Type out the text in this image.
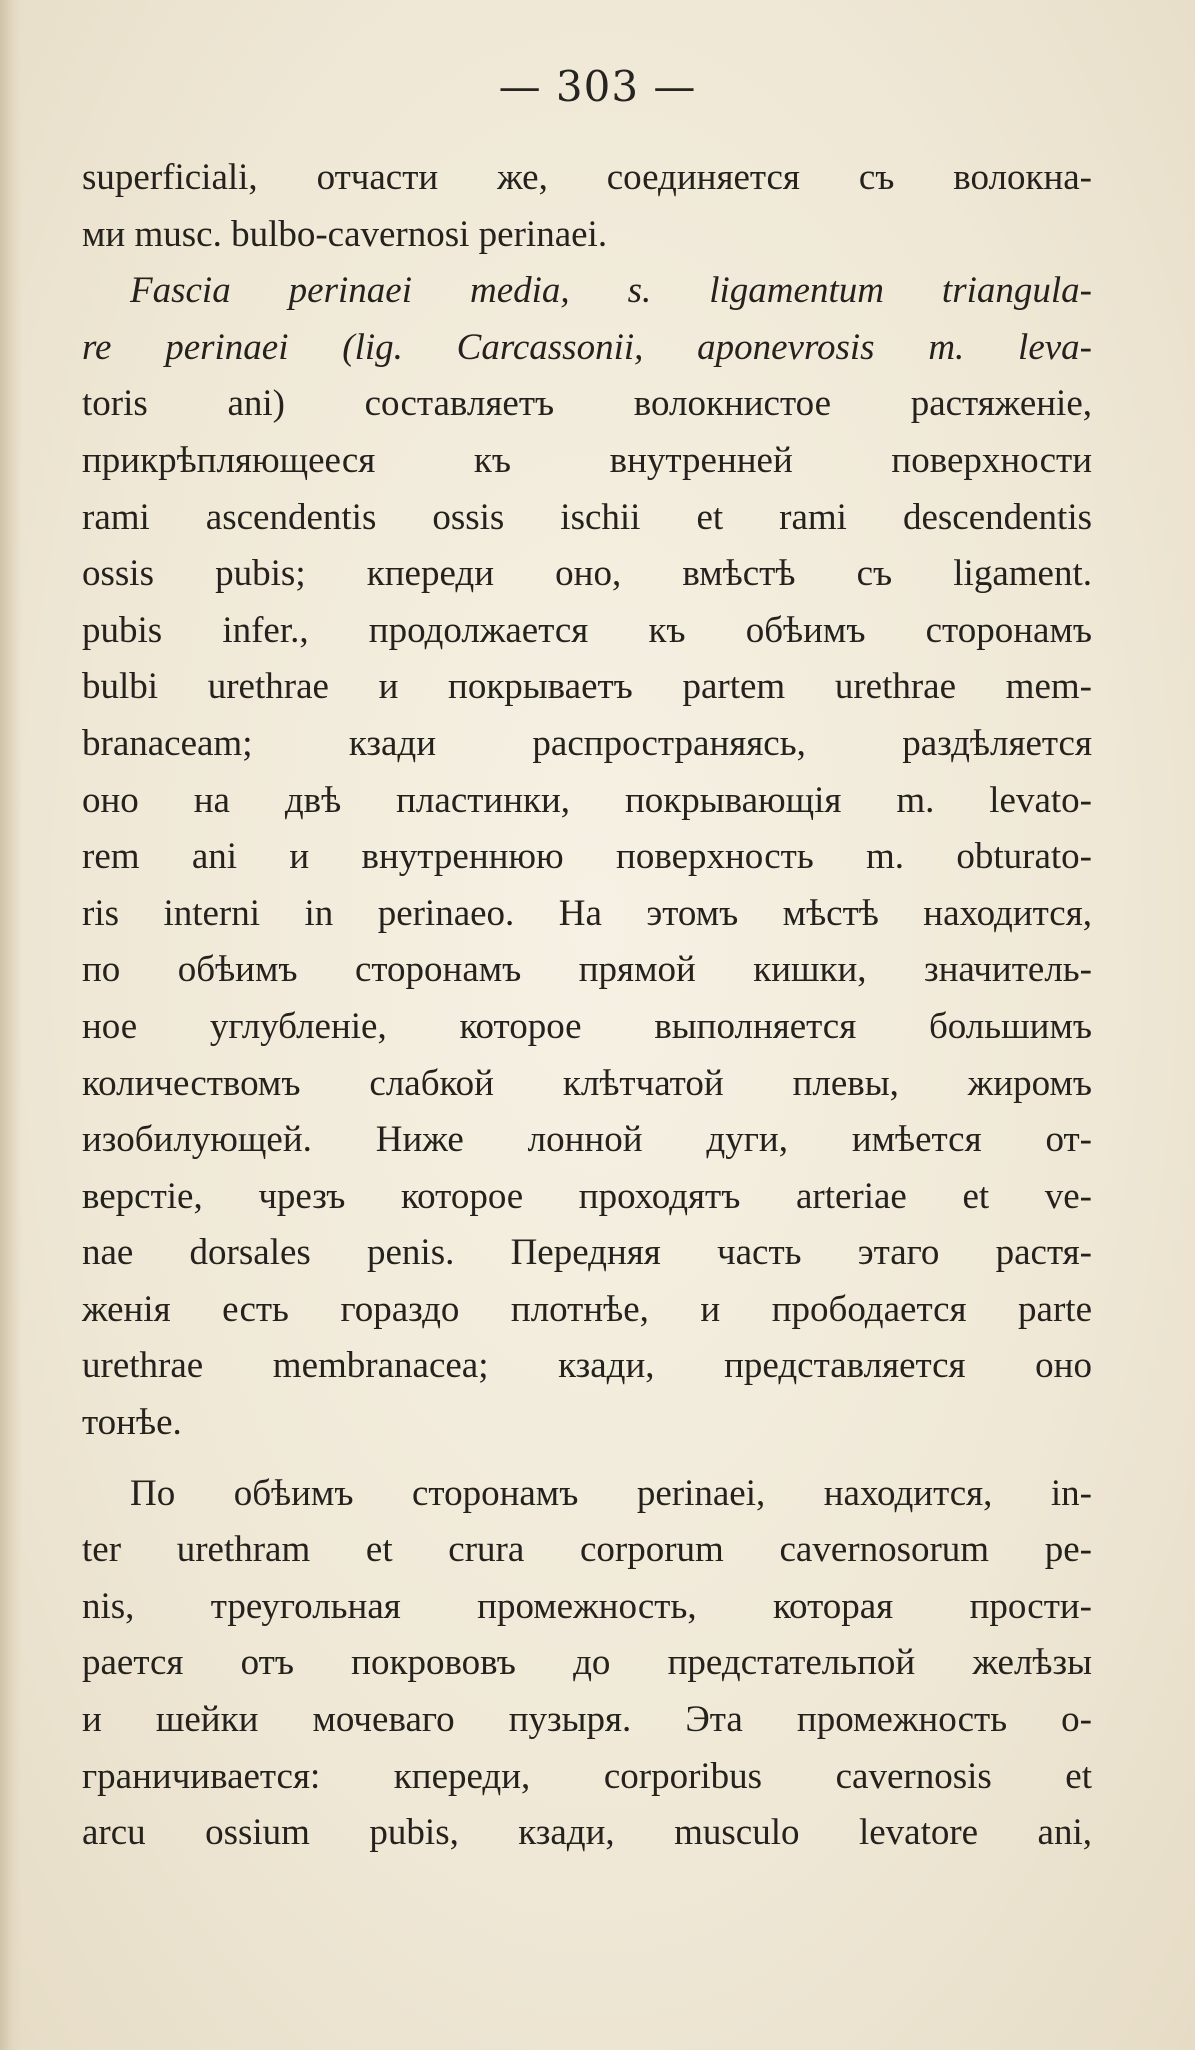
— 303 —

superficiali, отчасти же, соединяется съ волокна-
ми musc. bulbo-cavernosi perinaei.

Fascia perinaei media, s. ligamentum triangula-
re perinaei (lig. Carcassonii, aponevrosis m. leva-
toris ani) составляетъ волокнистое растяженіе,
прикрѣпляющееся къ внутренней поверхности
rami ascendentis ossis ischii et rami descendentis
ossis pubis; кпереди оно, вмѣстѣ съ ligament.
pubis infer., продолжается къ обѣимъ сторонамъ
bulbi urethrae и покрываетъ partem urethrae mem-
branaceam; кзади распространяясь, раздѣляется
оно на двѣ пластинки, покрывающія m. levato-
rem ani и внутреннюю поверхность m. obturato-
ris interni in perinaeo. На этомъ мѣстѣ находится,
по обѣимъ сторонамъ прямой кишки, значитель-
ное углубленіе, которое выполняется большимъ
количествомъ слабкой клѣтчатой плевы, жиромъ
изобилующей. Ниже лонной дуги, имѣется от-
верстіе, чрезъ которое проходятъ arteriae et ve-
nae dorsales penis. Передняя часть этаго растя-
женія есть гораздо плотнѣе, и прободается parte
urethrae membranacea; кзади, представляется оно
тонѣе.

По обѣимъ сторонамъ perinaei, находится, in-
ter urethram et crura corporum cavernosorum pe-
nis, треугольная промежность, которая прости-
рается отъ покрововъ до предстательпой желѣзы
и шейки мочеваго пузыря. Эта промежность о-
граничивается: кпереди, corporibus cavernosis et
arcu ossium pubis, кзади, musculo levatore ani,
